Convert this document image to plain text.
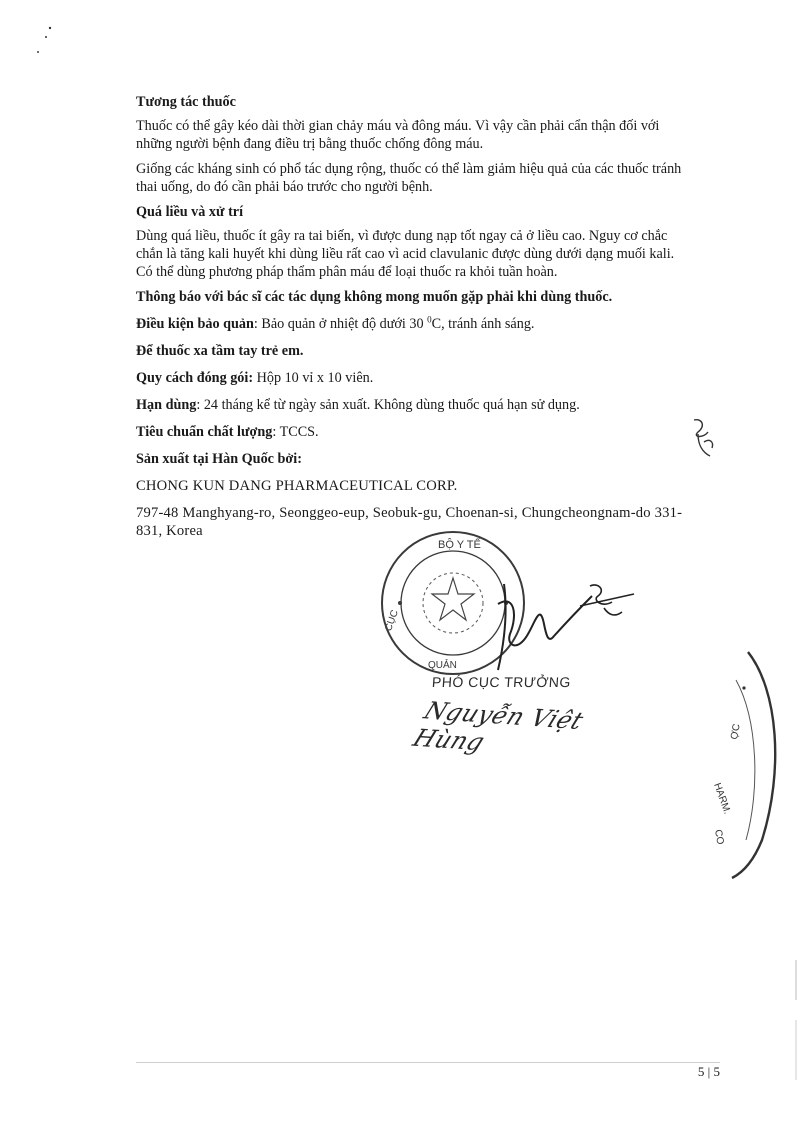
Tương tác thuốc

Thuốc có thể gây kéo dài thời gian chảy máu và đông máu. Vì vậy cần phải cẩn thận đối với những người bệnh đang điều trị bằng thuốc chống đông máu.

Giống các kháng sinh có phổ tác dụng rộng, thuốc có thể làm giảm hiệu quả của các thuốc tránh thai uống, do đó cần phải báo trước cho người bệnh.

Quá liều và xử trí

Dùng quá liều, thuốc ít gây ra tai biến, vì được dung nạp tốt ngay cả ở liều cao. Nguy cơ chắc chắn là tăng kali huyết khi dùng liều rất cao vì acid clavulanic được dùng dưới dạng muối kali. Có thể dùng phương pháp thẩm phân máu để loại thuốc ra khỏi tuần hoàn.

Thông báo với bác sĩ các tác dụng không mong muốn gặp phải khi dùng thuốc.

Điều kiện bảo quản: Bảo quản ở nhiệt độ dưới 30 $^0$C, tránh ánh sáng.

Để thuốc xa tầm tay trẻ em.

Quy cách đóng gói: Hộp 10 vỉ x 10 viên.

Hạn dùng: 24 tháng kể từ ngày sản xuất. Không dùng thuốc quá hạn sử dụng.

Tiêu chuẩn chất lượng: TCCS.

Sản xuất tại Hàn Quốc bởi:

CHONG KUN DANG PHARMACEUTICAL CORP.

797-48 Manghyang-ro, Seonggeo-eup, Seobuk-gu, Choenan-si, Chungcheongnam-do 331-831, Korea

BỘ Y TẾ
CỤC
QUẢN
PHÓ CỤC TRƯỞNG
Nguyễn Việt Hùng	ỢC
HARM.
CO
5 | 5
